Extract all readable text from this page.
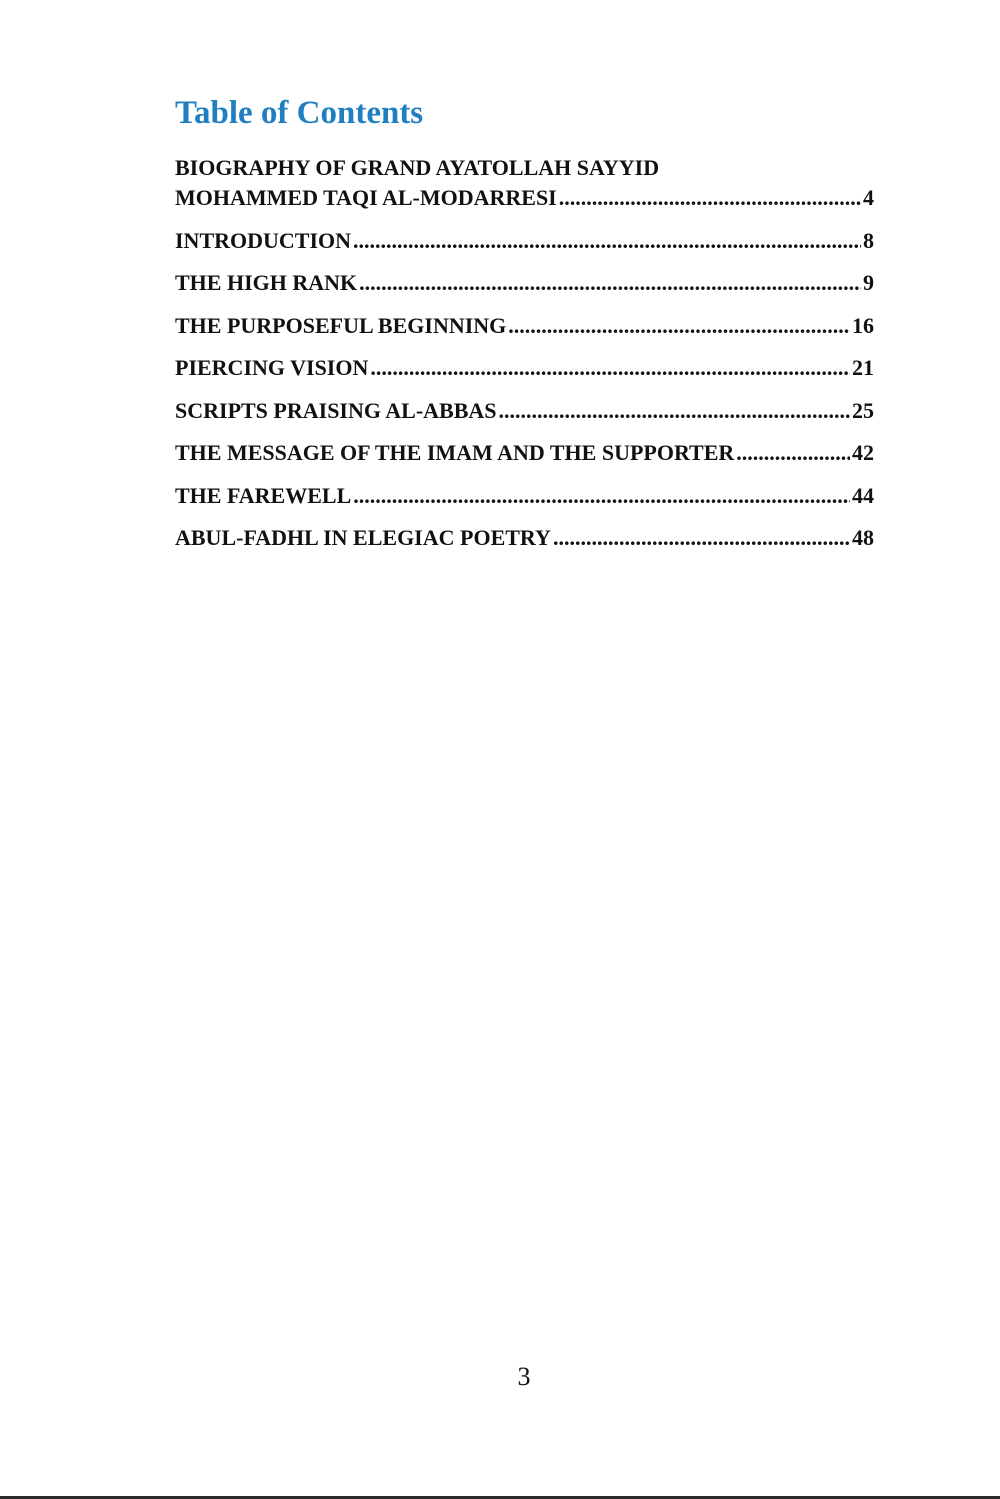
Table of Contents
BIOGRAPHY OF GRAND AYATOLLAH SAYYID
MOHAMMED TAQI AL-MODARRESI .....	4
INTRODUCTION .....	8
THE HIGH RANK .....	9
THE PURPOSEFUL BEGINNING .....	16
PIERCING VISION .....	21
SCRIPTS PRAISING AL-ABBAS .....	25
THE MESSAGE OF THE IMAM AND THE SUPPORTER .....	42
THE FAREWELL .....	44
ABUL-FADHL IN ELEGIAC POETRY .....	48
3
